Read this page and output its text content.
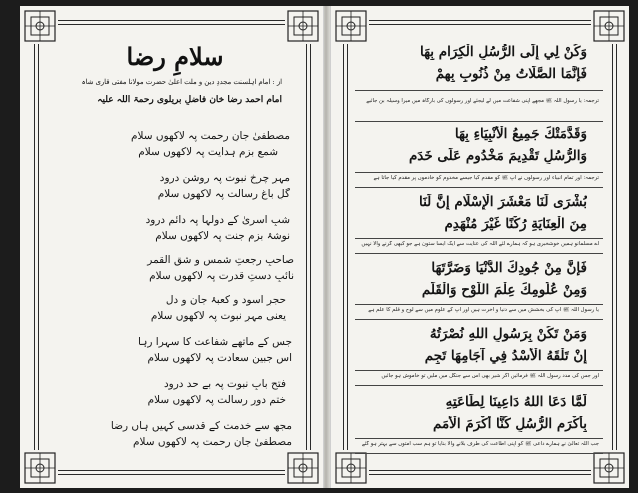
سلامِ رضا
از : امامِ اہلسنت مجددِ دین و ملت اعلیٰ حضرت مولانا مفتی قاری شاہ
امام احمد رضا خان فاضلِ بریلوی رحمۃ اللہ علیہ
مصطفیٰ جانِ رحمت پہ لاکھوں سلام
شمعِ بزمِ ہدایت پہ لاکھوں سلام
مہرِ چرخِ نبوت پہ روشن درود
گلِ باغِ رسالت پہ لاکھوں سلام
شبِ اسریٰ کے دولہا پہ دائم درود
نوشۂ بزمِ جنت پہ لاکھوں سلام
صاحبِ رجعتِ شمس و شقِ القمر
نائبِ دستِ قدرت پہ لاکھوں سلام
حجرِ اسود و کعبۂ جان و دل
یعنی مہرِ نبوت پہ لاکھوں سلام
جس کے ماتھے شفاعت کا سہرا رہا
اس جبینِ سعادت پہ لاکھوں سلام
فتحِ بابِ نبوت پہ بے حد درود
ختمِ دورِ رسالت پہ لاکھوں سلام
مجھ سے خدمت کے قدسی کہیں ہاں رضا
مصطفیٰ جانِ رحمت پہ لاکھوں سلام
وَكُنْ لِي إِلَى الرُّسُلِ الْكِرَامِ بِهَا
فَإِنَّمَا الصَّلَاتُ مِنْ ذُنُوبٍ بِهِمْ
ترجمہ: یا رسول اللہ ﷺ مجھے اپنی شفاعت میں لے لیجئے اور رسولوں کی بارگاہ میں میرا وسیلہ بن جائیے
وَقَدَّمَتْكَ جَمِيعُ الْأَنْبِيَاءِ بِهَا
وَالرُّسُلِ تَقْدِيمَ مَخْدُومٍ عَلَى خَدَمِ
ترجمہ: اور تمام انبیاء اور رسولوں نے آپ ﷺ کو مقدم کیا جیسے مخدوم کو خادموں پر مقدم کیا جاتا ہے
بُشْرَى لَنَا مَعْشَرَ الْإِسْلَامِ إِنَّ لَنَا
مِنَ الْعِنَايَةِ رُكْنًا غَيْرَ مُنْهَدِمِ
اے مسلمانو ہمیں خوشخبری ہو کہ ہمارے لئے اللہ کی عنایت سے ایک ایسا ستون ہے جو کبھی گرنے والا نہیں
فَإِنَّ مِنْ جُودِكَ الدُّنْيَا وَضَرَّتَهَا
وَمِنْ عُلُومِكَ عِلْمَ اللَّوْحِ وَالْقَلَمِ
یا رسول اللہ ﷺ آپ کی بخشش میں سے دنیا و آخرت ہیں اور آپ کے علوم میں سے لوح و قلم کا علم ہے
وَمَنْ تَكُنْ بِرَسُولِ اللهِ نُصْرَتُهُ
إِنْ تَلْقَهُ الْأُسْدُ فِي آجَامِهَا تَجِمِ
اور جس کی مدد رسول اللہ ﷺ فرمائیں اگر شیر بھی اس سے جنگل میں ملیں تو خاموش ہو جائیں
لَمَّا دَعَا اللهُ دَاعِينَا لِطَاعَتِهِ
بِأَكْرَمِ الرُّسُلِ كُنَّا أَكْرَمَ الْأُمَمِ
جب اللہ تعالیٰ نے ہمارے داعی ﷺ کو اپنی اطاعت کی طرف بلانے والا بنایا تو ہم سب امتوں سے بہتر ہو گئے
